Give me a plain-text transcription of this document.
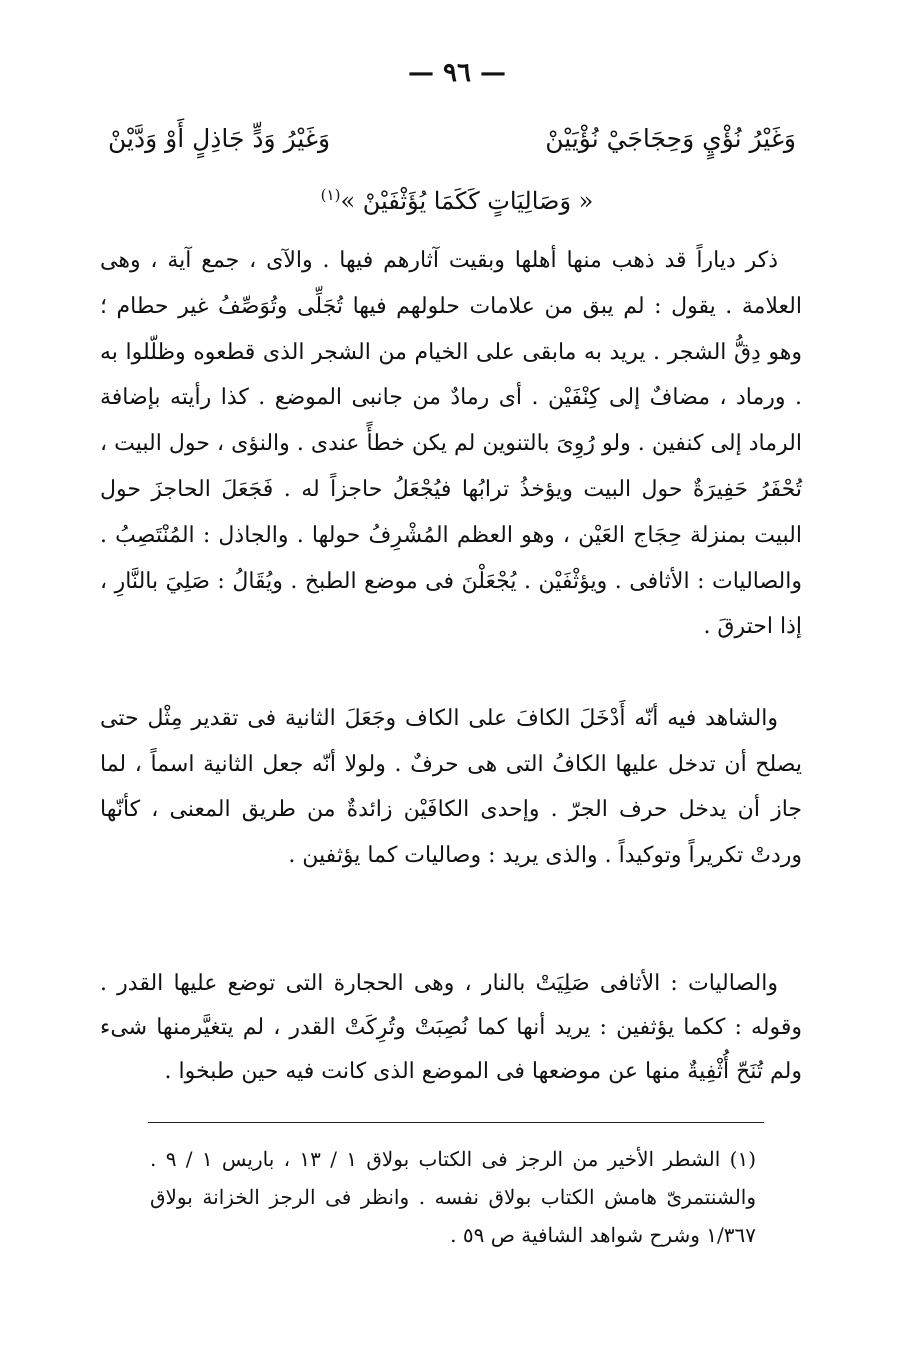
— ٩٦ —
وَغَيْرُ نُؤْيٍ وَحِجَاجَيْ نُؤْيَيْنْ
وَغَيْرُ وَدٍّ جَاذِلٍ أَوْ وَدَّيْنْ
« وَصَالِيَاتٍ كَكَمَا يُؤَثْفَيْنْ »$^{(١)}$

ذكر دياراً قد ذهب منها أهلها وبقيت آثارهم فيها . والآى ، جمع آية ، وهى العلامة . يقول : لم يبق من علامات حلولهم فيها تُجَلِّى وتُوَصِّفُ غير حطام ؛ وهو دِقُّ الشجر . يريد به مابقى على الخيام من الشجر الذى قطعوه وظلّلوا به . ورماد ، مضافٌ إلى كِنْفَيْن . أى رمادٌ من جانبى الموضع . كذا رأيته بإضافة الرماد إلى كنفين . ولو رُوِىَ بالتنوين لم يكن خطأً عندى . والنؤى ، حول البيت ، تُحْفَرُ حَفِيرَةٌ حول البيت ويؤخذُ ترابُها فيُجْعَلُ حاجزاً له . فَجَعَلَ الحاجزَ حول البيت بمنزلة حِجَاج العَيْن ، وهو العظم المُشْرِفُ حولها . والجاذل : المُنْتَصِبُ . والصاليات : الأثافى . ويؤثْفَيْن . يُجْعَلْنَ فى موضع الطبخ . ويُقَالُ : صَلِيَ بالنَّارِ ، إذا احترقَ .

والشاهد فيه أنّه أَدْخَلَ الكافَ على الكاف وجَعَلَ الثانية فى تقدير مِثْل حتى يصلح أن تدخل عليها الكافُ التى هى حرفٌ . ولولا أنّه جعل الثانية اسماً ، لما جاز أن يدخل حرف الجرّ . وإحدى الكافَيْن زائدةٌ من طريق المعنى ، كأنّها وردتْ تكريراً وتوكيداً . والذى يريد : وصاليات كما يؤثفين .

والصاليات : الأثافى صَلِيَتْ بالنار ، وهى الحجارة التى توضع عليها القدر . وقوله : ككما يؤثفين : يريد أنها كما نُصِبَتْ وتُرِكَتْ القدر ، لم يتغيَّرمنها شىء ولم تُنَحّ أُثْفِيةٌ منها عن موضعها فى الموضع الذى كانت فيه حين طبخوا .

(١) الشطر الأخير من الرجز فى الكتاب بولاق ١ / ١٣ ، باريس ١ / ٩ . والشنتمرىّ هامش الكتاب بولاق نفسه . وانظر فى الرجز الخزانة بولاق ١/٣٦٧ وشرح شواهد الشافية ص ٥٩ .
